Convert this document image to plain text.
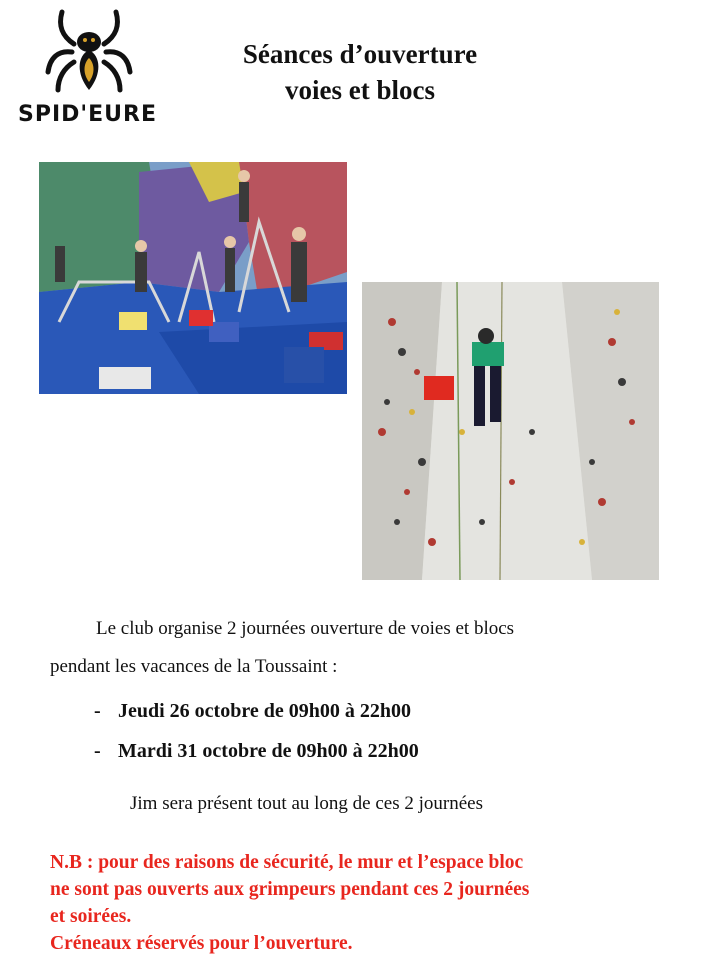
SPID'EURE
Séances d’ouverture
voies et blocs
Le club organise 2 journées ouverture de voies et blocs
pendant les vacances de la Toussaint :
- Jeudi 26 octobre de 09h00 à 22h00
- Mardi 31 octobre de 09h00 à 22h00
Jim sera présent tout au long de ces 2 journées
N.B : pour des raisons de sécurité, le mur et l’espace bloc
ne sont pas ouverts aux grimpeurs pendant ces 2 journées
et soirées.
Créneaux réservés pour l’ouverture.
